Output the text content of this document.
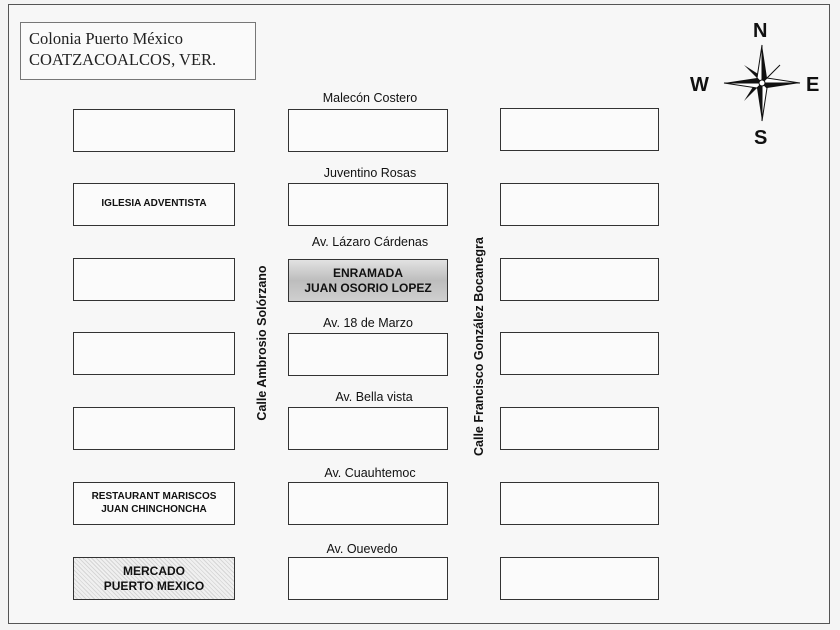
Colonia Puerto México
COATZACOALCOS, VER.
N
S
E
W
IGLESIA ADVENTISTA
RESTAURANT MARISCOS
JUAN CHINCHONCHA
MERCADO
PUERTO MEXICO
ENRAMADA
JUAN OSORIO LOPEZ
Malecón Costero
Juventino Rosas
Av. Lázaro Cárdenas
Av. 18 de Marzo
Av. Bella vista
Av. Cuauhtemoc
Av. Ouevedo
Calle Ambrosio Solórzano	Calle Francisco González Bocanegra
